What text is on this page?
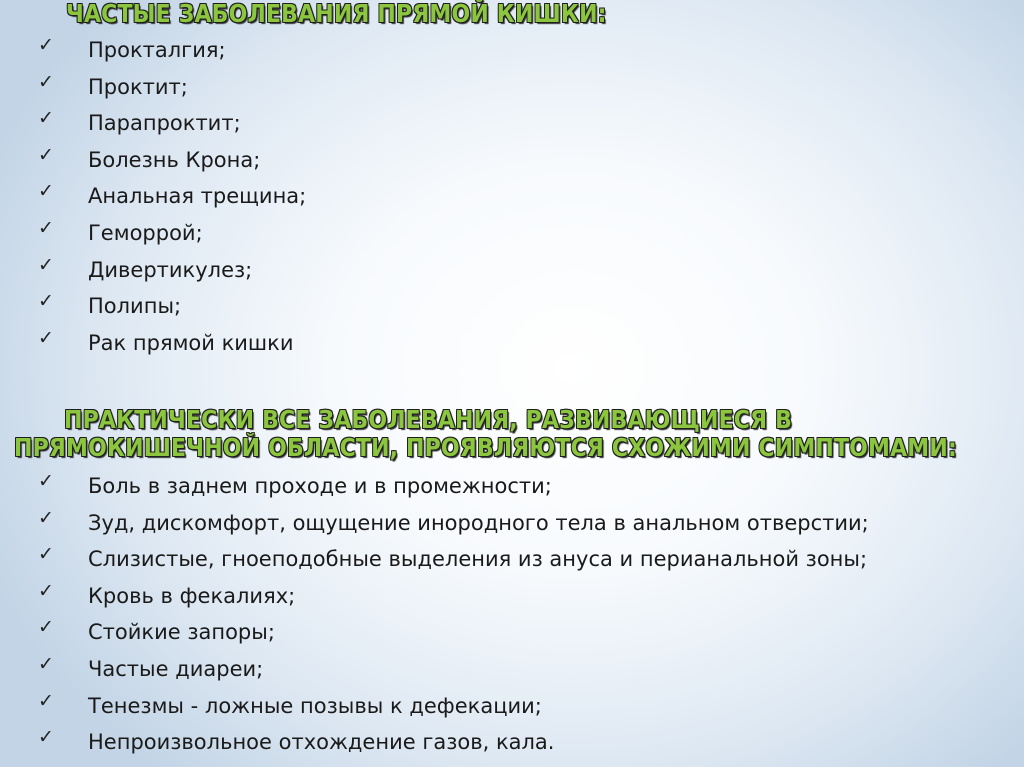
ЧАСТЫЕ ЗАБОЛЕВАНИЯ ПРЯМОЙ КИШКИ:
✓	Прокталгия;
✓	Проктит;
✓	Парапроктит;
✓	Болезнь Крона;
✓	Анальная трещина;
✓	Геморрой;
✓	Дивертикулез;
✓	Полипы;
✓	Рак прямой кишки
ПРАКТИЧЕСКИ ВСЕ ЗАБОЛЕВАНИЯ, РАЗВИВАЮЩИЕСЯ В
ПРЯМОКИШЕЧНОЙ ОБЛАСТИ, ПРОЯВЛЯЮТСЯ СХОЖИМИ СИМПТОМАМИ:
✓	Боль в заднем проходе и в промежности;
✓	Зуд, дискомфорт, ощущение инородного тела в анальном отверстии;
✓	Слизистые, гноеподобные выделения из ануса и перианальной зоны;
✓	Кровь в фекалиях;
✓	Стойкие запоры;
✓	Частые диареи;
✓	Тенезмы - ложные позывы к дефекации;
✓	Непроизвольное отхождение газов, кала.
